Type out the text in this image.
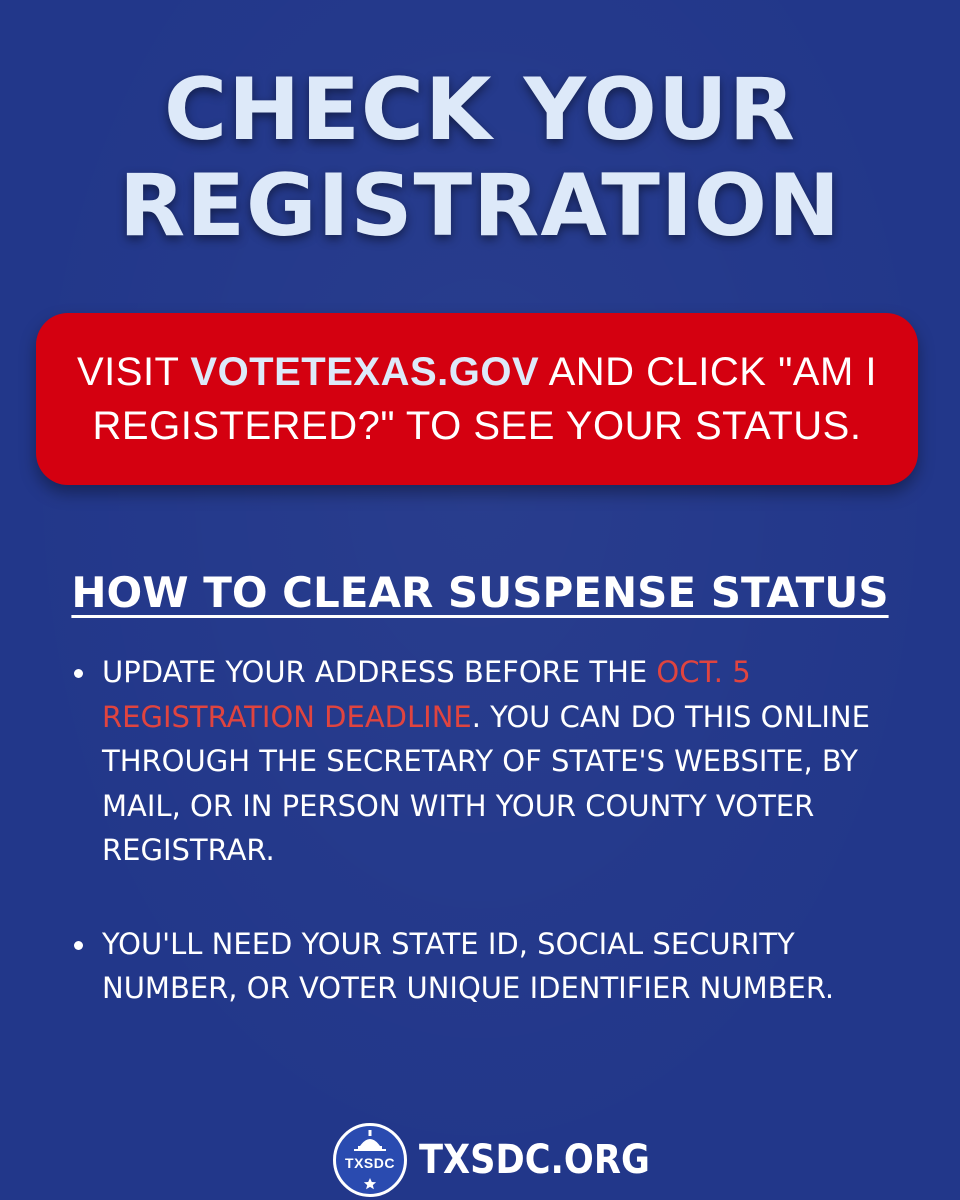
CHECK YOUR
REGISTRATION
VISIT VOTETEXAS.GOV AND CLICK "AM I REGISTERED?" TO SEE YOUR STATUS.
HOW TO CLEAR SUSPENSE STATUS
UPDATE YOUR ADDRESS BEFORE THE OCT. 5 REGISTRATION DEADLINE. YOU CAN DO THIS ONLINE THROUGH THE SECRETARY OF STATE'S WEBSITE, BY MAIL, OR IN PERSON WITH YOUR COUNTY VOTER REGISTRAR.
YOU'LL NEED YOUR STATE ID, SOCIAL SECURITY NUMBER, OR VOTER UNIQUE IDENTIFIER NUMBER.
TXSDC TXSDC.ORG
